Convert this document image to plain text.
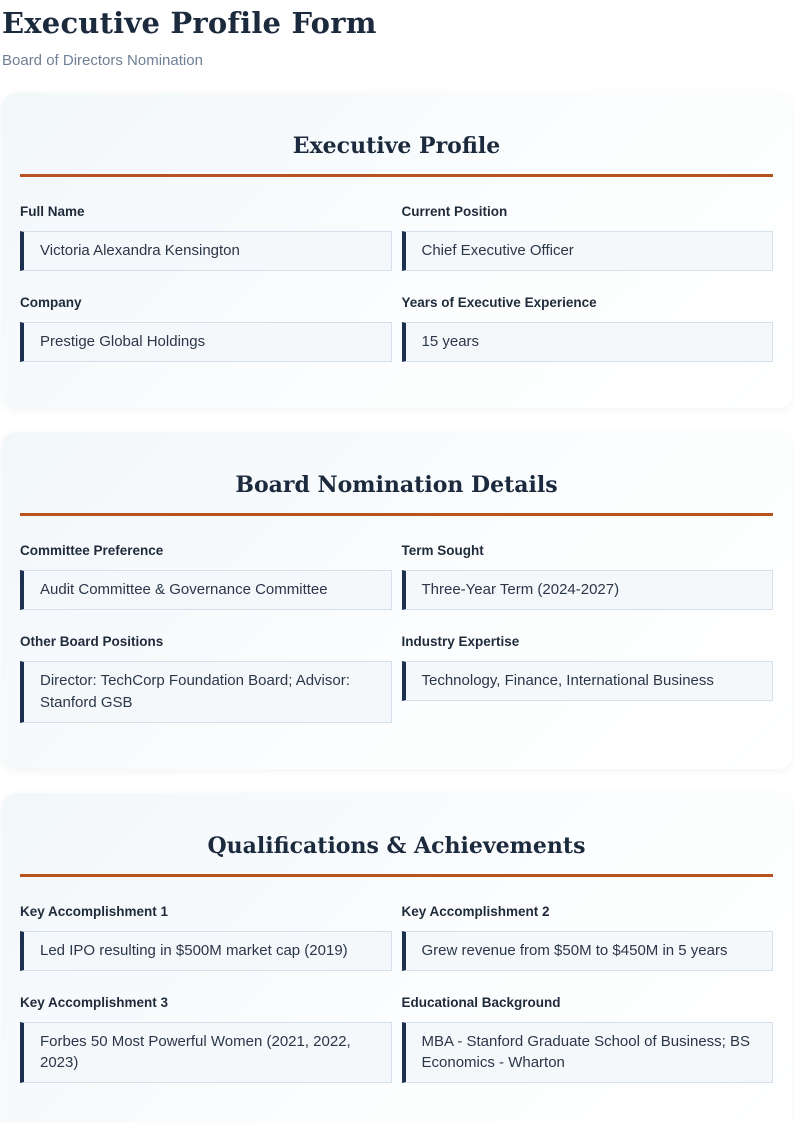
Executive Profile Form
Board of Directors Nomination
Executive Profile
Full Name
Victoria Alexandra Kensington
Current Position
Chief Executive Officer
Company
Prestige Global Holdings
Years of Executive Experience
15 years
Board Nomination Details
Committee Preference
Audit Committee & Governance Committee
Term Sought
Three-Year Term (2024-2027)
Other Board Positions
Director: TechCorp Foundation Board; Advisor: Stanford GSB
Industry Expertise
Technology, Finance, International Business
Qualifications & Achievements
Key Accomplishment 1
Led IPO resulting in $500M market cap (2019)
Key Accomplishment 2
Grew revenue from $50M to $450M in 5 years
Key Accomplishment 3
Forbes 50 Most Powerful Women (2021, 2022, 2023)
Educational Background
MBA - Stanford Graduate School of Business; BS Economics - Wharton
